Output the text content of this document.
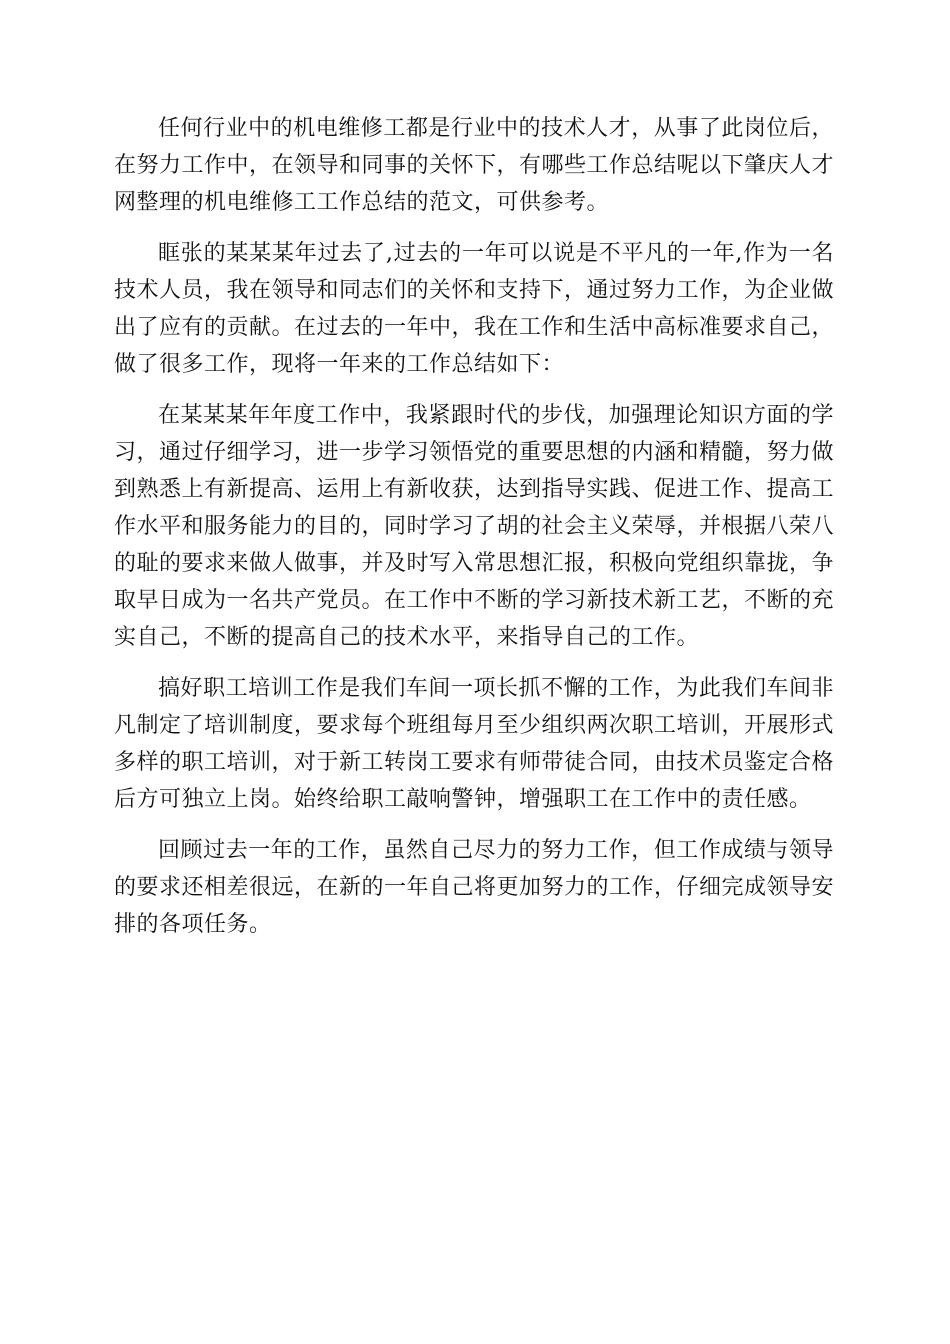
任何行业中的机电维修工都是行业中的技术人才，从事了此岗位后，在努力工作中，在领导和同事的关怀下，有哪些工作总结呢以下肇庆人才网整理的机电维修工工作总结的范文，可供参考。

眶张的某某某年过去了,过去的一年可以说是不平凡的一年,作为一名技术人员，我在领导和同志们的关怀和支持下，通过努力工作，为企业做出了应有的贡献。在过去的一年中，我在工作和生活中高标准要求自己，做了很多工作，现将一年来的工作总结如下：

在某某某年年度工作中，我紧跟时代的步伐，加强理论知识方面的学习，通过仔细学习，进一步学习领悟党的重要思想的内涵和精髓，努力做到熟悉上有新提高、运用上有新收获，达到指导实践、促进工作、提高工作水平和服务能力的目的，同时学习了胡的社会主义荣辱，并根据八荣八的耻的要求来做人做事，并及时写入常思想汇报，积极向党组织靠拢，争取早日成为一名共产党员。在工作中不断的学习新技术新工艺，不断的充实自己，不断的提高自己的技术水平，来指导自己的工作。

搞好职工培训工作是我们车间一项长抓不懈的工作，为此我们车间非凡制定了培训制度，要求每个班组每月至少组织两次职工培训，开展形式多样的职工培训，对于新工转岗工要求有师带徒合同，由技术员鉴定合格后方可独立上岗。始终给职工敲响警钟，增强职工在工作中的责任感。

回顾过去一年的工作，虽然自己尽力的努力工作，但工作成绩与领导的要求还相差很远，在新的一年自己将更加努力的工作，仔细完成领导安排的各项任务。
